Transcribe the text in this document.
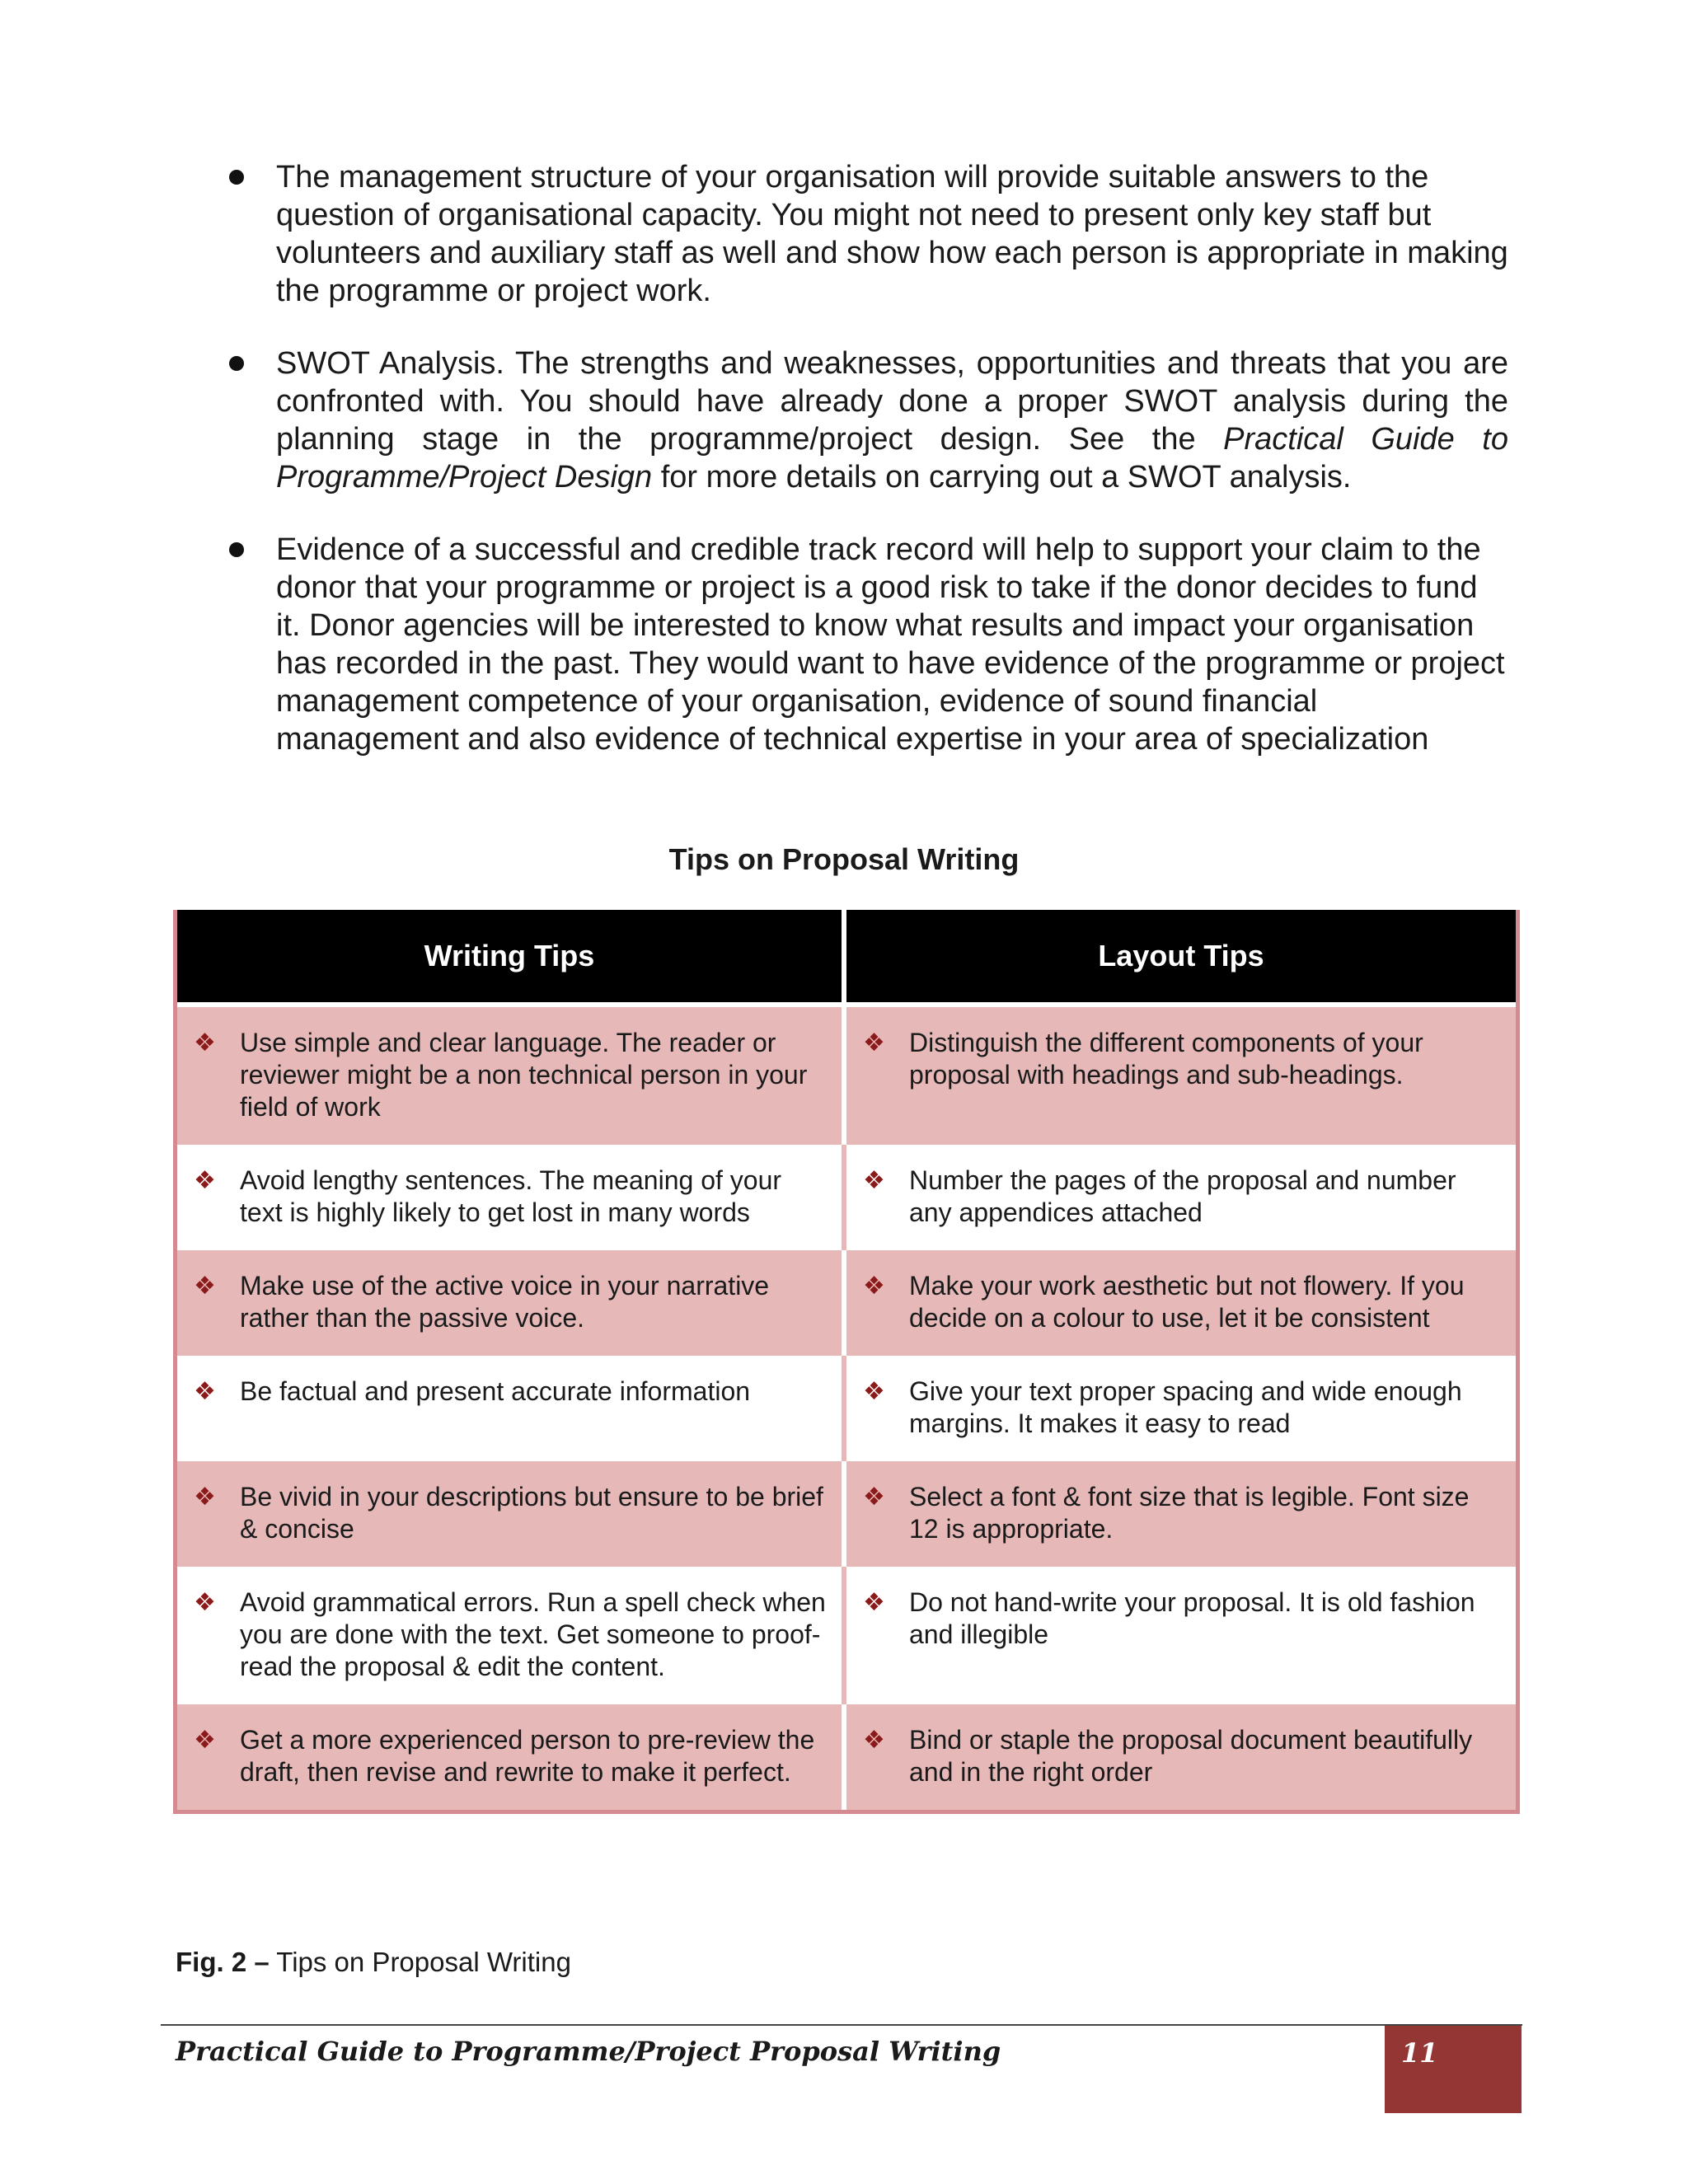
The management structure of your organisation will provide suitable answers to the question of organisational capacity. You might not need to present only key staff but volunteers and auxiliary staff as well and show how each person is appropriate in making the programme or project work.
SWOT Analysis. The strengths and weaknesses, opportunities and threats that you are confronted with. You should have already done a proper SWOT analysis during the planning stage in the programme/project design. See the Practical Guide to Programme/Project Design for more details on carrying out a SWOT analysis.
Evidence of a successful and credible track record will help to support your claim to the donor that your programme or project is a good risk to take if the donor decides to fund it. Donor agencies will be interested to know what results and impact your organisation has recorded in the past. They would want to have evidence of the programme or project management competence of your organisation, evidence of sound financial management and also evidence of technical expertise in your area of specialization
Tips on Proposal Writing
Writing Tips	Layout Tips

❖ Use simple and clear language. The reader or reviewer might be a non technical person in your field of work	❖ Distinguish the different components of your proposal with headings and sub-headings.

❖ Avoid lengthy sentences. The meaning of your text is highly likely to get lost in many words	❖ Number the pages of the proposal and number any appendices attached

❖ Make use of the active voice in your narrative rather than the passive voice.	❖ Make your work aesthetic but not flowery. If you decide on a colour to use, let it be consistent

❖ Be factual and present accurate information	❖ Give your text proper spacing and wide enough margins. It makes it easy to read

❖ Be vivid in your descriptions but ensure to be brief & concise	❖ Select a font & font size that is legible. Font size 12 is appropriate.

❖ Avoid grammatical errors. Run a spell check when you are done with the text. Get someone to proof-read the proposal & edit the content.	❖ Do not hand-write your proposal. It is old fashion and illegible

❖ Get a more experienced person to pre-review the draft, then revise and rewrite to make it perfect.	❖ Bind or staple the proposal document beautifully and in the right order
Fig. 2 – Tips on Proposal Writing
Practical Guide to Programme/Project Proposal Writing	11
